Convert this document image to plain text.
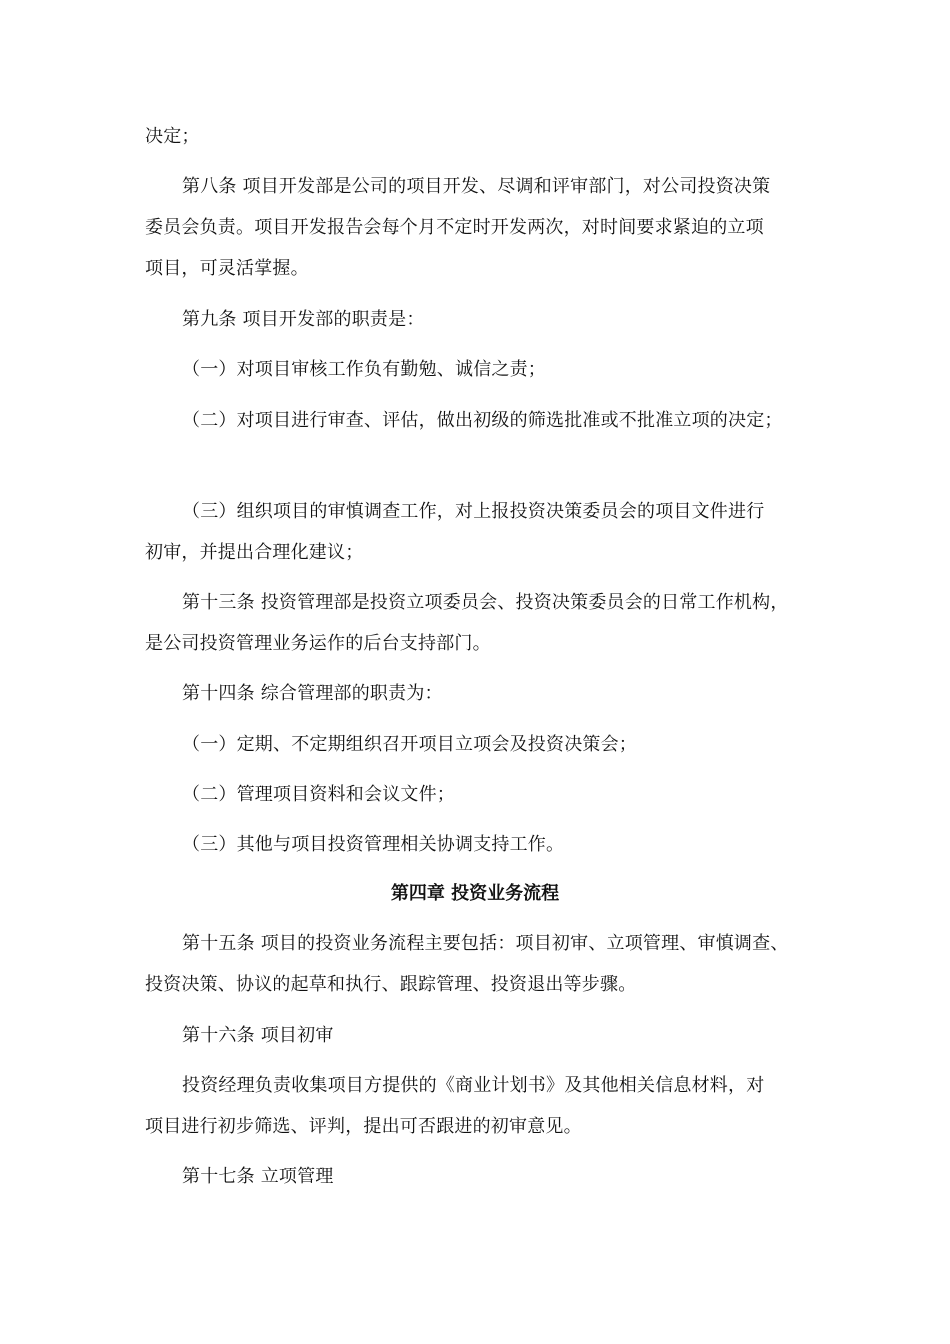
决定；
第八条 项目开发部是公司的项目开发、尽调和评审部门，对公司投资决策
委员会负责。项目开发报告会每个月不定时开发两次，对时间要求紧迫的立项
项目，可灵活掌握。
第九条 项目开发部的职责是：
（一）对项目审核工作负有勤勉、诚信之责；
（二）对项目进行审查、评估，做出初级的筛选批准或不批准立项的决定；
（三）组织项目的审慎调查工作，对上报投资决策委员会的项目文件进行
初审，并提出合理化建议；
第十三条 投资管理部是投资立项委员会、投资决策委员会的日常工作机构，
是公司投资管理业务运作的后台支持部门。
第十四条 综合管理部的职责为：
（一）定期、不定期组织召开项目立项会及投资决策会；
（二）管理项目资料和会议文件；
（三）其他与项目投资管理相关协调支持工作。
第四章 投资业务流程
第十五条 项目的投资业务流程主要包括：项目初审、立项管理、审慎调查、
投资决策、协议的起草和执行、跟踪管理、投资退出等步骤。
第十六条 项目初审
投资经理负责收集项目方提供的《商业计划书》及其他相关信息材料，对
项目进行初步筛选、评判，提出可否跟进的初审意见。
第十七条 立项管理
